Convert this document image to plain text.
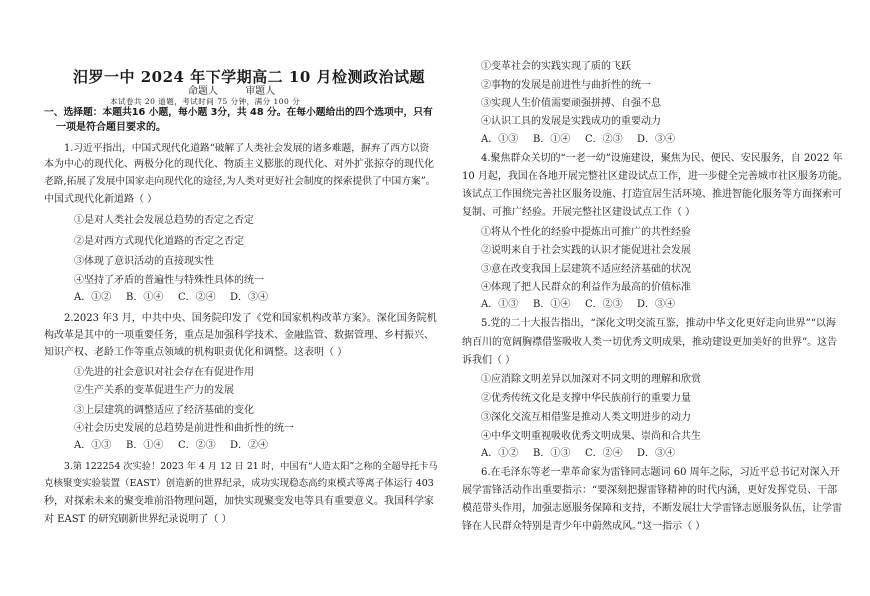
汨罗一中 2024 年下学期高二 10 月检测政治试题
命题人	审题人
本试卷共 20 道题，考试时间 75 分钟，满分 100 分
一、选择题：本题共16 小题，每小题 3分，共 48 分。在每小题给出的四个选项中，只有
一项是符合题目要求的。
1.习近平指出，中国式现代化道路“破解了人类社会发展的诸多难题，摒弃了西方以资
本为中心的现代化、两极分化的现代化、物质主义膨胀的现代化、对外扩张掠夺的现代化
老路,拓展了发展中国家走向现代化的途径,为人类对更好社会制度的探索提供了中国方案”。
中国式现代化新道路（ ）
①是对人类社会发展总趋势的否定之否定
②是对西方式现代化道路的否定之否定
③体现了意识活动的直接现实性
④坚持了矛盾的普遍性与特殊性具体的统一
A．①② B．①④ C．②④ D．③④
2.2023 年3 月，中共中央、国务院印发了《党和国家机构改革方案》。深化国务院机
构改革是其中的一项重要任务，重点是加强科学技术、金融监管、数据管理、乡村振兴、
知识产权、老龄工作等重点领域的机构职责优化和调整。这表明（ ）
①先进的社会意识对社会存在有促进作用
②生产关系的变革促进生产力的发展
③上层建筑的调整适应了经济基础的变化
④社会历史发展的总趋势是前进性和曲折性的统一
A．①③ B．①④ C．②③ D．②④
3.第 122254 次实验！2023 年 4 月 12 日 21 时，中国有“人造太阳”之称的全超导托卡马
克核聚变实验装置（EAST）创造新的世界纪录，成功实现稳态高约束模式等离子体运行 403
秒，对探索未来的聚变堆前沿物理问题，加快实现聚变发电等具有重要意义。我国科学家
对 EAST 的研究刷新世界纪录说明了（ ）
①变革社会的实践实现了质的飞跃
②事物的发展是前进性与曲折性的统一
③实现人生价值需要顽强拼搏、自强不息
④认识工具的发展是实践成功的重要动力
A．①③ B．①④ C．②③ D．③④
4.聚焦群众关切的“一老一幼”设施建设，聚焦为民、便民、安民服务，自 2022 年
10 月起，我国在各地开展完整社区建设试点工作，进一步健全完善城市社区服务功能。
该试点工作围绕完善社区服务设施、打造宜居生活环境、推进智能化服务等方面探索可
复制、可推广经验。开展完整社区建设试点工作（ ）
①将从个性化的经验中提炼出可推广的共性经验
②说明来自于社会实践的认识才能促进社会发展
③意在改变我国上层建筑不适应经济基础的状况
④体现了把人民群众的利益作为最高的价值标准
A．①③ B．①④ C．②③ D．③④
5.党的二十大报告指出，“深化文明交流互鉴，推动中华文化更好走向世界”“以海
纳百川的宽阔胸襟借鉴吸收人类一切优秀文明成果，推动建设更加美好的世界”。这告
诉我们（ ）
①应消除文明差异以加深对不同文明的理解和欣赏
②优秀传统文化是支撑中华民族前行的重要力量
③深化交流互相借鉴是推动人类文明进步的动力
④中华文明重视吸收优秀文明成果、崇尚和合共生
A．①② B．①③ C．②④ D．③④
6.在毛泽东等老一辈革命家为雷锋同志题词 60 周年之际，习近平总书记对深入开
展学雷锋活动作出重要指示：“要深刻把握雷锋精神的时代内涵，更好发挥党员、干部
模范带头作用，加强志愿服务保障和支持，不断发展壮大学雷锋志愿服务队伍，让学雷
锋在人民群众特别是青少年中蔚然成风。”这一指示（ ）
